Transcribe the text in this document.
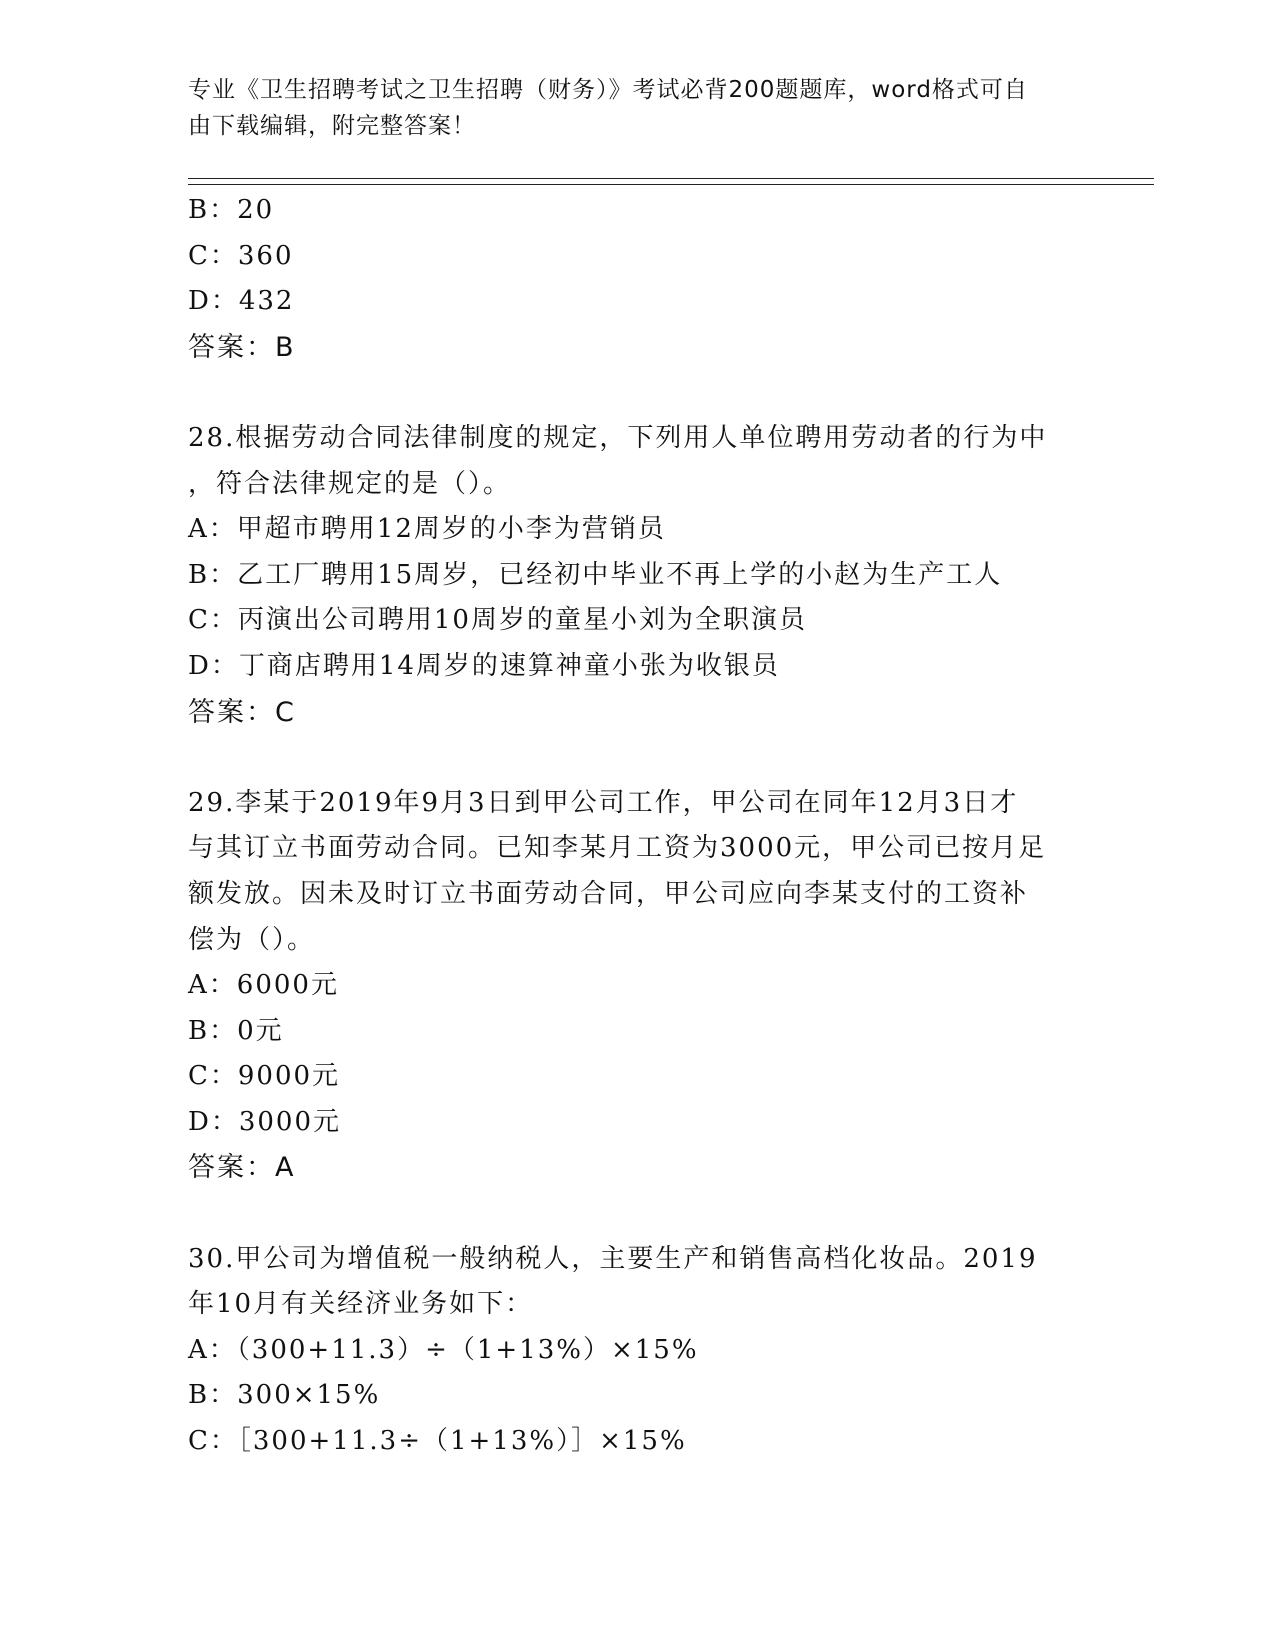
专业《卫生招聘考试之卫生招聘（财务）》考试必背200题题库，word格式可自
由下载编辑，附完整答案！
B：20
C：360
D：432
答案：B
28.根据劳动合同法律制度的规定，下列用人单位聘用劳动者的行为中
，符合法律规定的是（）。
A：甲超市聘用12周岁的小李为营销员
B：乙工厂聘用15周岁，已经初中毕业不再上学的小赵为生产工人
C：丙演出公司聘用10周岁的童星小刘为全职演员
D：丁商店聘用14周岁的速算神童小张为收银员
答案：C
29.李某于2019年9月3日到甲公司工作，甲公司在同年12月3日才
与其订立书面劳动合同。已知李某月工资为3000元，甲公司已按月足
额发放。因未及时订立书面劳动合同，甲公司应向李某支付的工资补
偿为（）。
A：6000元
B：0元
C：9000元
D：3000元
答案：A
30.甲公司为增值税一般纳税人，主要生产和销售高档化妆品。2019
年10月有关经济业务如下：
A：（300+11.3）÷（1+13%）×15%
B：300×15%
C：［300+11.3÷（1+13%）］×15%
